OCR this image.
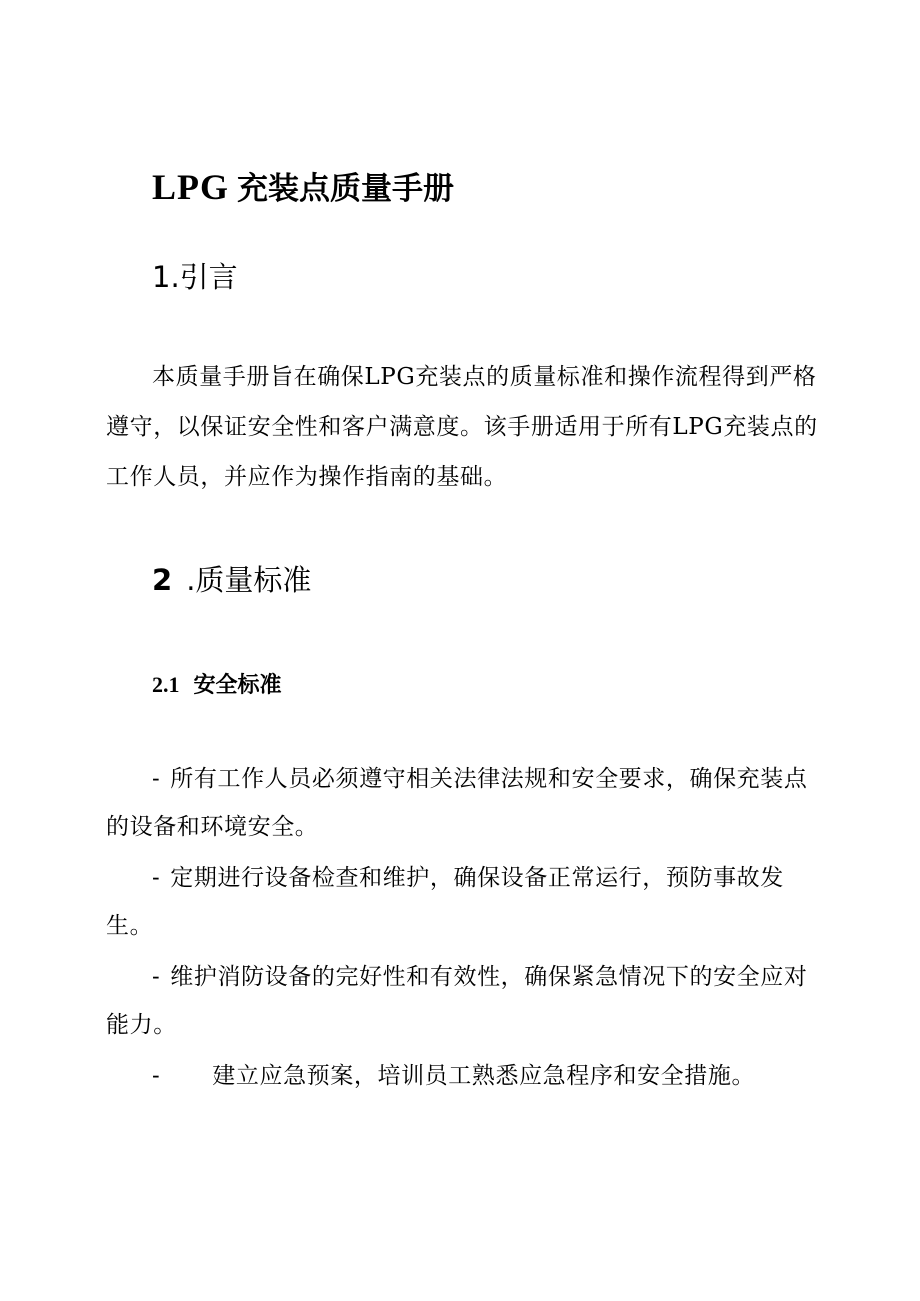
LPG 充装点质量手册
1.引言

本质量手册旨在确保LPG充装点的质量标准和操作流程得到严格遵守，以保证安全性和客户满意度。该手册适用于所有LPG充装点的工作人员，并应作为操作指南的基础。

2 .质量标准
2.1 安全标准
- 所有工作人员必须遵守相关法律法规和安全要求，确保充装点的设备和环境安全。
- 定期进行设备检查和维护，确保设备正常运行，预防事故发生。
- 维护消防设备的完好性和有效性，确保紧急情况下的安全应对能力。
- 建立应急预案，培训员工熟悉应急程序和安全措施。
